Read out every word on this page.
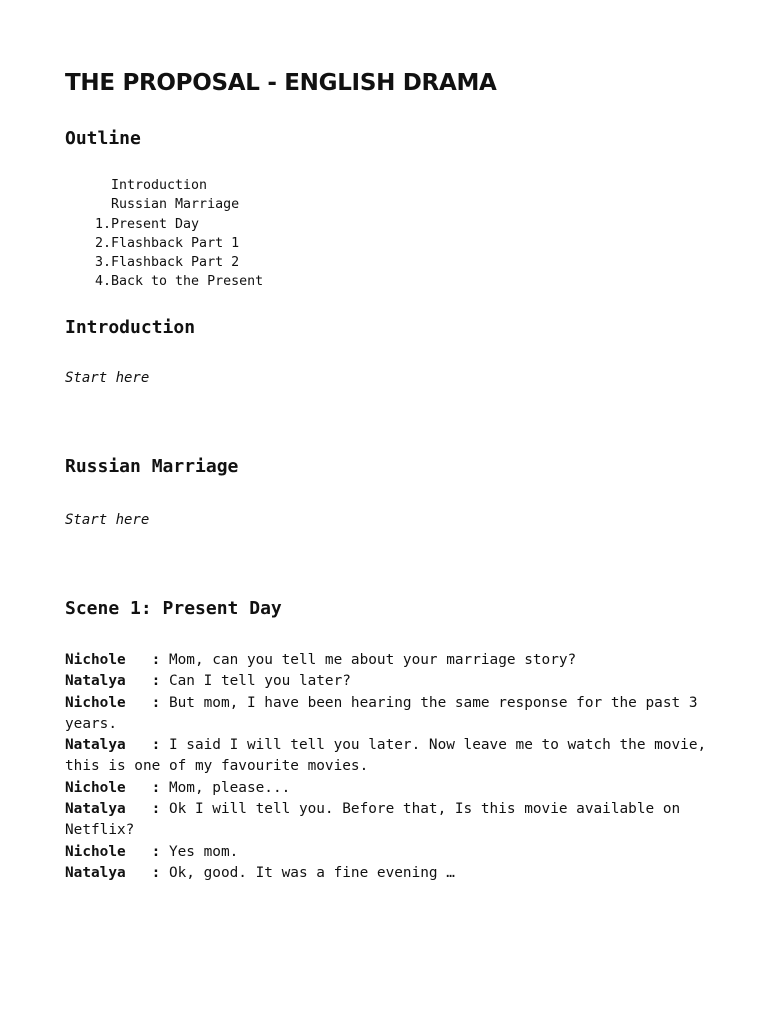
THE PROPOSAL - ENGLISH DRAMA
Outline
Introduction
Russian Marriage
1. Present Day
2. Flashback Part 1
3. Flashback Part 2
4. Back to the Present
Introduction

Start here

Russian Marriage

Start here

Scene 1: Present Day

Nichole   : Mom, can you tell me about your marriage story?

Natalya   : Can I tell you later?

Nichole   : But mom, I have been hearing the same response for the past 3 years.

Natalya   : I said I will tell you later. Now leave me to watch the movie, this is one of my favourite movies.

Nichole   : Mom, please...

Natalya   : Ok I will tell you. Before that, Is this movie available on Netflix?

Nichole   : Yes mom.

Natalya   : Ok, good. It was a fine evening …
